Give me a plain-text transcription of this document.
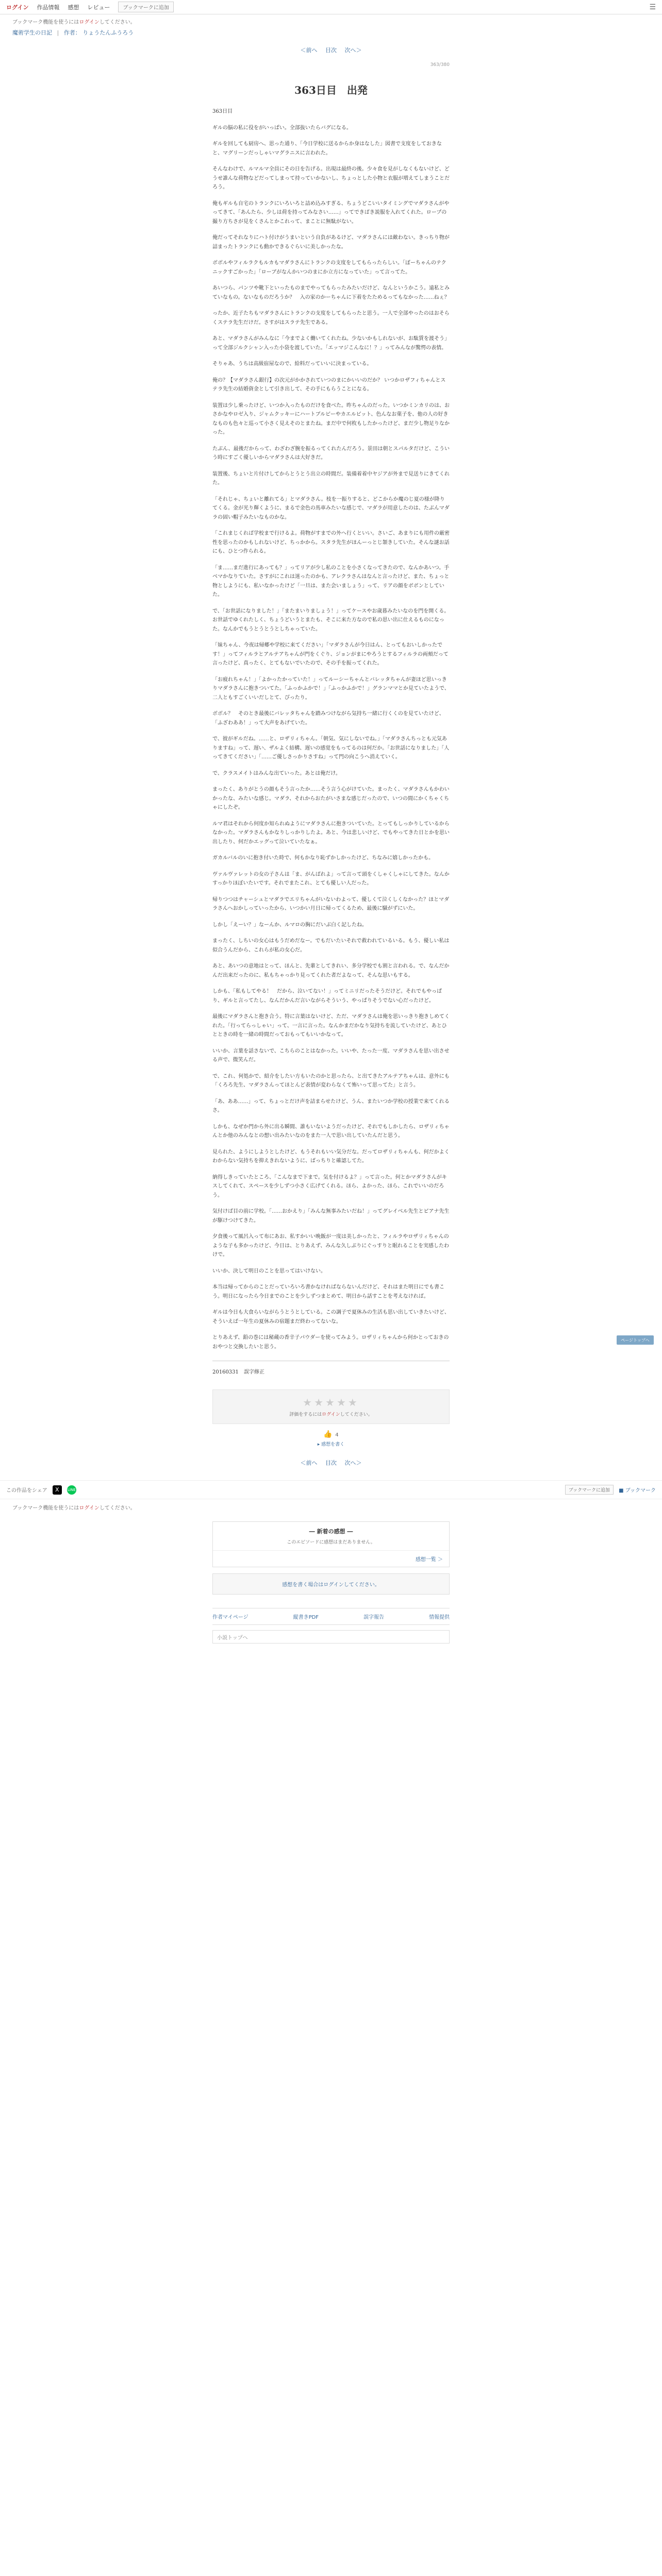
ログイン 作品情報 感想 レビュー	ブックマークに追加	☰
ブックマーク機能を使うにはログインしてください。
魔術学生の日記 | 作者： りょうたんふうろう
＜前へ 目次 次へ＞
363/380
363日目　出発

363日目

ギルの脳の私に役をがいっぱい。全部抜いたらバグになる。

ギルを回しても厨房へ、思った通り、「今日学校に送るからか身はなした」図書で支度をしておきなと、マグリーンだっしゃいマグラニスに言われた。

そんなわけで、ルマルマ全員にその日を告げる。出現は最終の後。少々食を見がしなくもないけど、どうせ誰んな荷物などだってしまって持っていかないし、ちょっとした小物と衣服が増えてしまうことだろう。

俺もギルも自宅のトランクにいろいろと詰め込みすぎる、ちょうどこいいタイミングでマダラさんがやってきて、「あんたら、少しは荷を持ってみなさい……」ってできばき説服を入れてくれた。ロープの撮り方ちさが見をくさんとかこれって、まことに無駄がない。

俺だってそれなりにハト付けがうまいという自負があるけど、マダラさんには敵わない。きっちり物が詰まったトランクにも動かできるぐらいに美しかったな。

ボボルやフィルラクもルカもマダラさんにトランクの支度をしてもらったらしい。「ぼーちゃんのテクニックすごかった」「ローブがなんかいつのまにか立方になっていた」って言ってた。

あいつら、パンツや靴下といったものまでやってもらったみたいだけど、なんというかこう。遠私とみていなもの。ないなものだろうか？　入の家のかーちゃんに下着をたためるってもなかった……ねぇ？

ったか、近子たちもマダラさんにトランクの支度をしてもらったと思う。一人で全部やったのはおそらくステラ先生だけだ。さすがはスラテ先生である。

あと、マダラさんがみんなに「今までよく働いてくれたね。少ないかもしれないが、お駄賃を渡そう」って全部ジルクシャン入った小袋を渡していた。「エッマジこんなに！？」ってみんなが驚愕の表情。

そりゃあ、うちは高級宿屋なので、給料だっていいに決まっている。

俺の？【マダラさん銀行】の次元がかかされていつのまにかいいのだか？ いつかロザフィちゃんとステラ先生の結婚資金として引き出して、その手にもらうことになる。

装置は少し乗ったけど、いつか入ったものだけを食べた。昨ちゃんのだった。いつかミンカリのは、おさかなやロゼ入り、ジャムクッキーにハートブルビーやカエルビット、色んなお菓子を、他の人の好きなものも色々と巡って小さく見えそのとまたね。まだ中で何枚もしたかったけど、まだ少し物足りなかった。

たぶん、最後だからって、わざわざ腕を振るってくれたんだろう。景田は朝とスパルタだけど、こういう時にすごく優しいからマダラさんは大好きだ。

装置後、ちょいと片付けしてからとうとう出立の時間だ。装備着着中ヤジアが外まで見送りにきてくれた。

「それじゃ、ちょいと離れてる」とマダラさん。枝を一振りすると、どこからか魔のじ夏の様が降りてくる。金が光り輝くように、まるで金色の馬車みたいな感じで、マダラが用意したのは、たぶんマダラの固い帽子みたいなものかな。

「これまじくれば学校まで行けるよ。荷物がすまでの外へ行くといい。さいご、あまりにも用件の厳密性を思ったのかもしれないけど、ちっかから。スタラ先生がほんーっとじ頷きしていた。そんな謎お話にも、ひとつ作られる。

「ま……まだ進行にあっても？」ってリアが少し私のことを小さくなってきたので、なんかあいつ。手ベマかなりていた。さすがにこれは迷ったのかも、アレクラさんはなんと言ったけど、また、ちょっと物としようにも、私いなかったけど「一旦は、また会いましょう」って、リアの顔をボボンとしていた。

で、「お世話になりました！」「またまいりましょう！」ってケースやお歳暮みたいなのを門を開くる。お世話でゆくれたしく、ちょうどいうとまたも、そこに来た方なので私の思い出に仕えるものになった。なんかでもうとうとうとしちゃっていた。

「妹ちゃん、今夜は帰郷や学校に来てください」「マダラさんが今日はん、とってもおいしかったです！」ってフィルラとアルテアちゃんが門をくぐり、ジョンがまにやろうとするフィルラの両頬だって言ったけど、真ったく、とてもないでいたので、その手を振ってくれた。

「お疲れちゃん！」「よかったかっていた！」ってルーシーちゃんとバレッタちゃんが妻ほど思いっきりマダラさんに抱きついてた。「ふっかふかで！」「ふっかふかで！」グランママとか見ていたようで、二人ともすごくいいだしとて、ぴったり。

ボボル？　そのとき最後にバレッタちゃんを踏みつけながら気持ち一緒に行くくのを見ていたけど、「ふざわああ！」って大声をあげていた。

で、彼がギルだね。……と、ロザリィちゃん。「朝気、気にしないでね。」「マダラさんちっとも元気ありますね」って、遅い、ザルよく結構、遅いの感覚をもってるのは何だか。「お世話になりました」「人ってきてください」「……ご優しさっかりさすね」って門の向こうへ消えていく。

で、クラスメイトはみんな出ていった。あとは俺だけ。

まったく、ありがとうの顔もそう言ったか……そう言う心がけていた。まったく、マダラさんもかわいかったな、みたいな感じ。マダラ、それからおたがいさまな感じだったので、いつの間にかくちゃくちゃにしたぞ。

ルマ君はそれから何度か知られぬようにマダラさんに抱きついていた。とってもしっかりしているからなかった。マダラさんもかなりしっかりしたよ。あと、今は悲しいけど、でもやってきた日とかを思い出したり、何だかエッグって泣いていたなぁ。

ガカルバルのいに抱き付いた時で、何もかなり恥ずかしかったけど、ちなみに嬉しかったかも。

ヴァルヴァレットの女の子さんは「ま、がんばれよ」って言って頭をくしゃくしゃにしてきた。なんかすっかりほぼいたいです。それでまたこれ、とても優しい人だった。

帰りつつはチャーシュとマダラでエリちゃんがいないわよって、優しくて泣くしくなかった？ほとマダラさんへおかしっていったから、いつかい月日に帰ってくるため、最後に騒がずにいた。

しかし「えーい？」なーんか、ルマロの胸にだいぶ白く記したね。

まったく、しちいの女心はもうだめだなー。でもだいたいそれで救われているいる。もう、優しい私は似合うんだから、これらが私の女心だ。

あと、あいつの意地はとって、ほんと、先輩としてきれい、多分学校でも割と言われる。で、なんだかんだ出来だったのに、私もちゃっかり見ってくれた者だよなって、そんな思いもする。

しかも、「私もしてやる！　だから、泣いてない！」ってミニリだったそうだけど。それでもやっぱり、ギルと言ってたし、なんだかんだ言いながらそういう、やっぱりそうでない心だったけど。

最後にマダラさんと抱き合う。特に言葉はないけど、ただ、マダラさんは俺を思いっきり抱きしめてくれた。「行ってらっしゃい」って、一言に言った。なんかまだかなり気持ちを流していたけど、あとひとときの時を一緒の時間だっておもってもいいかなって。

いいか、言葉を話さないで、こちらのことはなかった。いいや、たった一度、マダラさんを思い出させる声で、微笑んだ。

で、これ、何処かで、紹介をしたい方もいたのかと思ったら、と出てきたアルテアちゃんは、意外にも「くろろ先生、マダラさんってほとんど表情が変わらなくて怖いって思ってた」と言う。

「あ、ああ……」って、ちょっとだけ声を詰まらせたけど、うん、またいつか学校の授業で来てくれるさ。

しかも、なぜか門から外に出る瞬間、誰もいないようだったけど、それでもしかしたら、ロザリィちゃんとか他のみんなとの想い出みたいなのをまた一人で思い出していたんだと思う。

見られた、ようにしようとしたけど、もうそれもいい気分だな。だってロザリィちゃんも、何だかよくわからない気持ちを抑えきれないように、ばっちりと確認してた。

納得しきっていたところ、「こんなまで下まで。気を付けるよ？」って言った。何とかマダラさんがキスしてくれて、スペースを少しずつ小さく広げてくれる。ほら、よかった、ほら、これでいいのだろう。

気付けば目の前に学校。「……おかえり」「みんな無事みたいだね！」ってグレイベル先生とピアナ先生が駆けつけてきた。

夕食後って風呂入って布にあお、私すかいい晩飯が一度は美しかったと、フィルラやロザリィちゃんのような子も多かったけど、今日は、とりあえず、みんな久しぶりにぐっすりと眠れることを実感したわけで。

いいか、決して明日のことを思ってはいけない。

本当は帰ってからのことだっていろいろ書かなければならないんだけど、それはまた明日にでも書こう。明日になったら今日までのことを少しずつまとめて、明日から話すことを考えなければ。

ギルは今日も大食らいながらうとうとしている。この調子で夏休みの生活も思い出していきたいけど、そういえば一年生の夏休みの宿題まだ終わってないな。

とりあえず、鉛の巻には秘蔵の香辛子パウダーを使ってみよう。ロザリィちゃんから何かとっておきのおやつと交換したいと思う。

20160331　誤字修正
★★★★★
評価をするにはログインしてください。
👍 4
▸ 感想を書く
＜前へ 目次 次へ＞
この作品をシェア	X	LINE	ブックマークに追加	■ ブックマーク
ブックマーク機能を使うにはログインしてください。
― 新着の感想 ―
このエピソードに感想はまだありません。
感想一覧 ＞
感想を書く場合はログインしてください。
作者マイページ	縦書きPDF	誤字報告	情報提供
小説トップへ
ページトップへ
